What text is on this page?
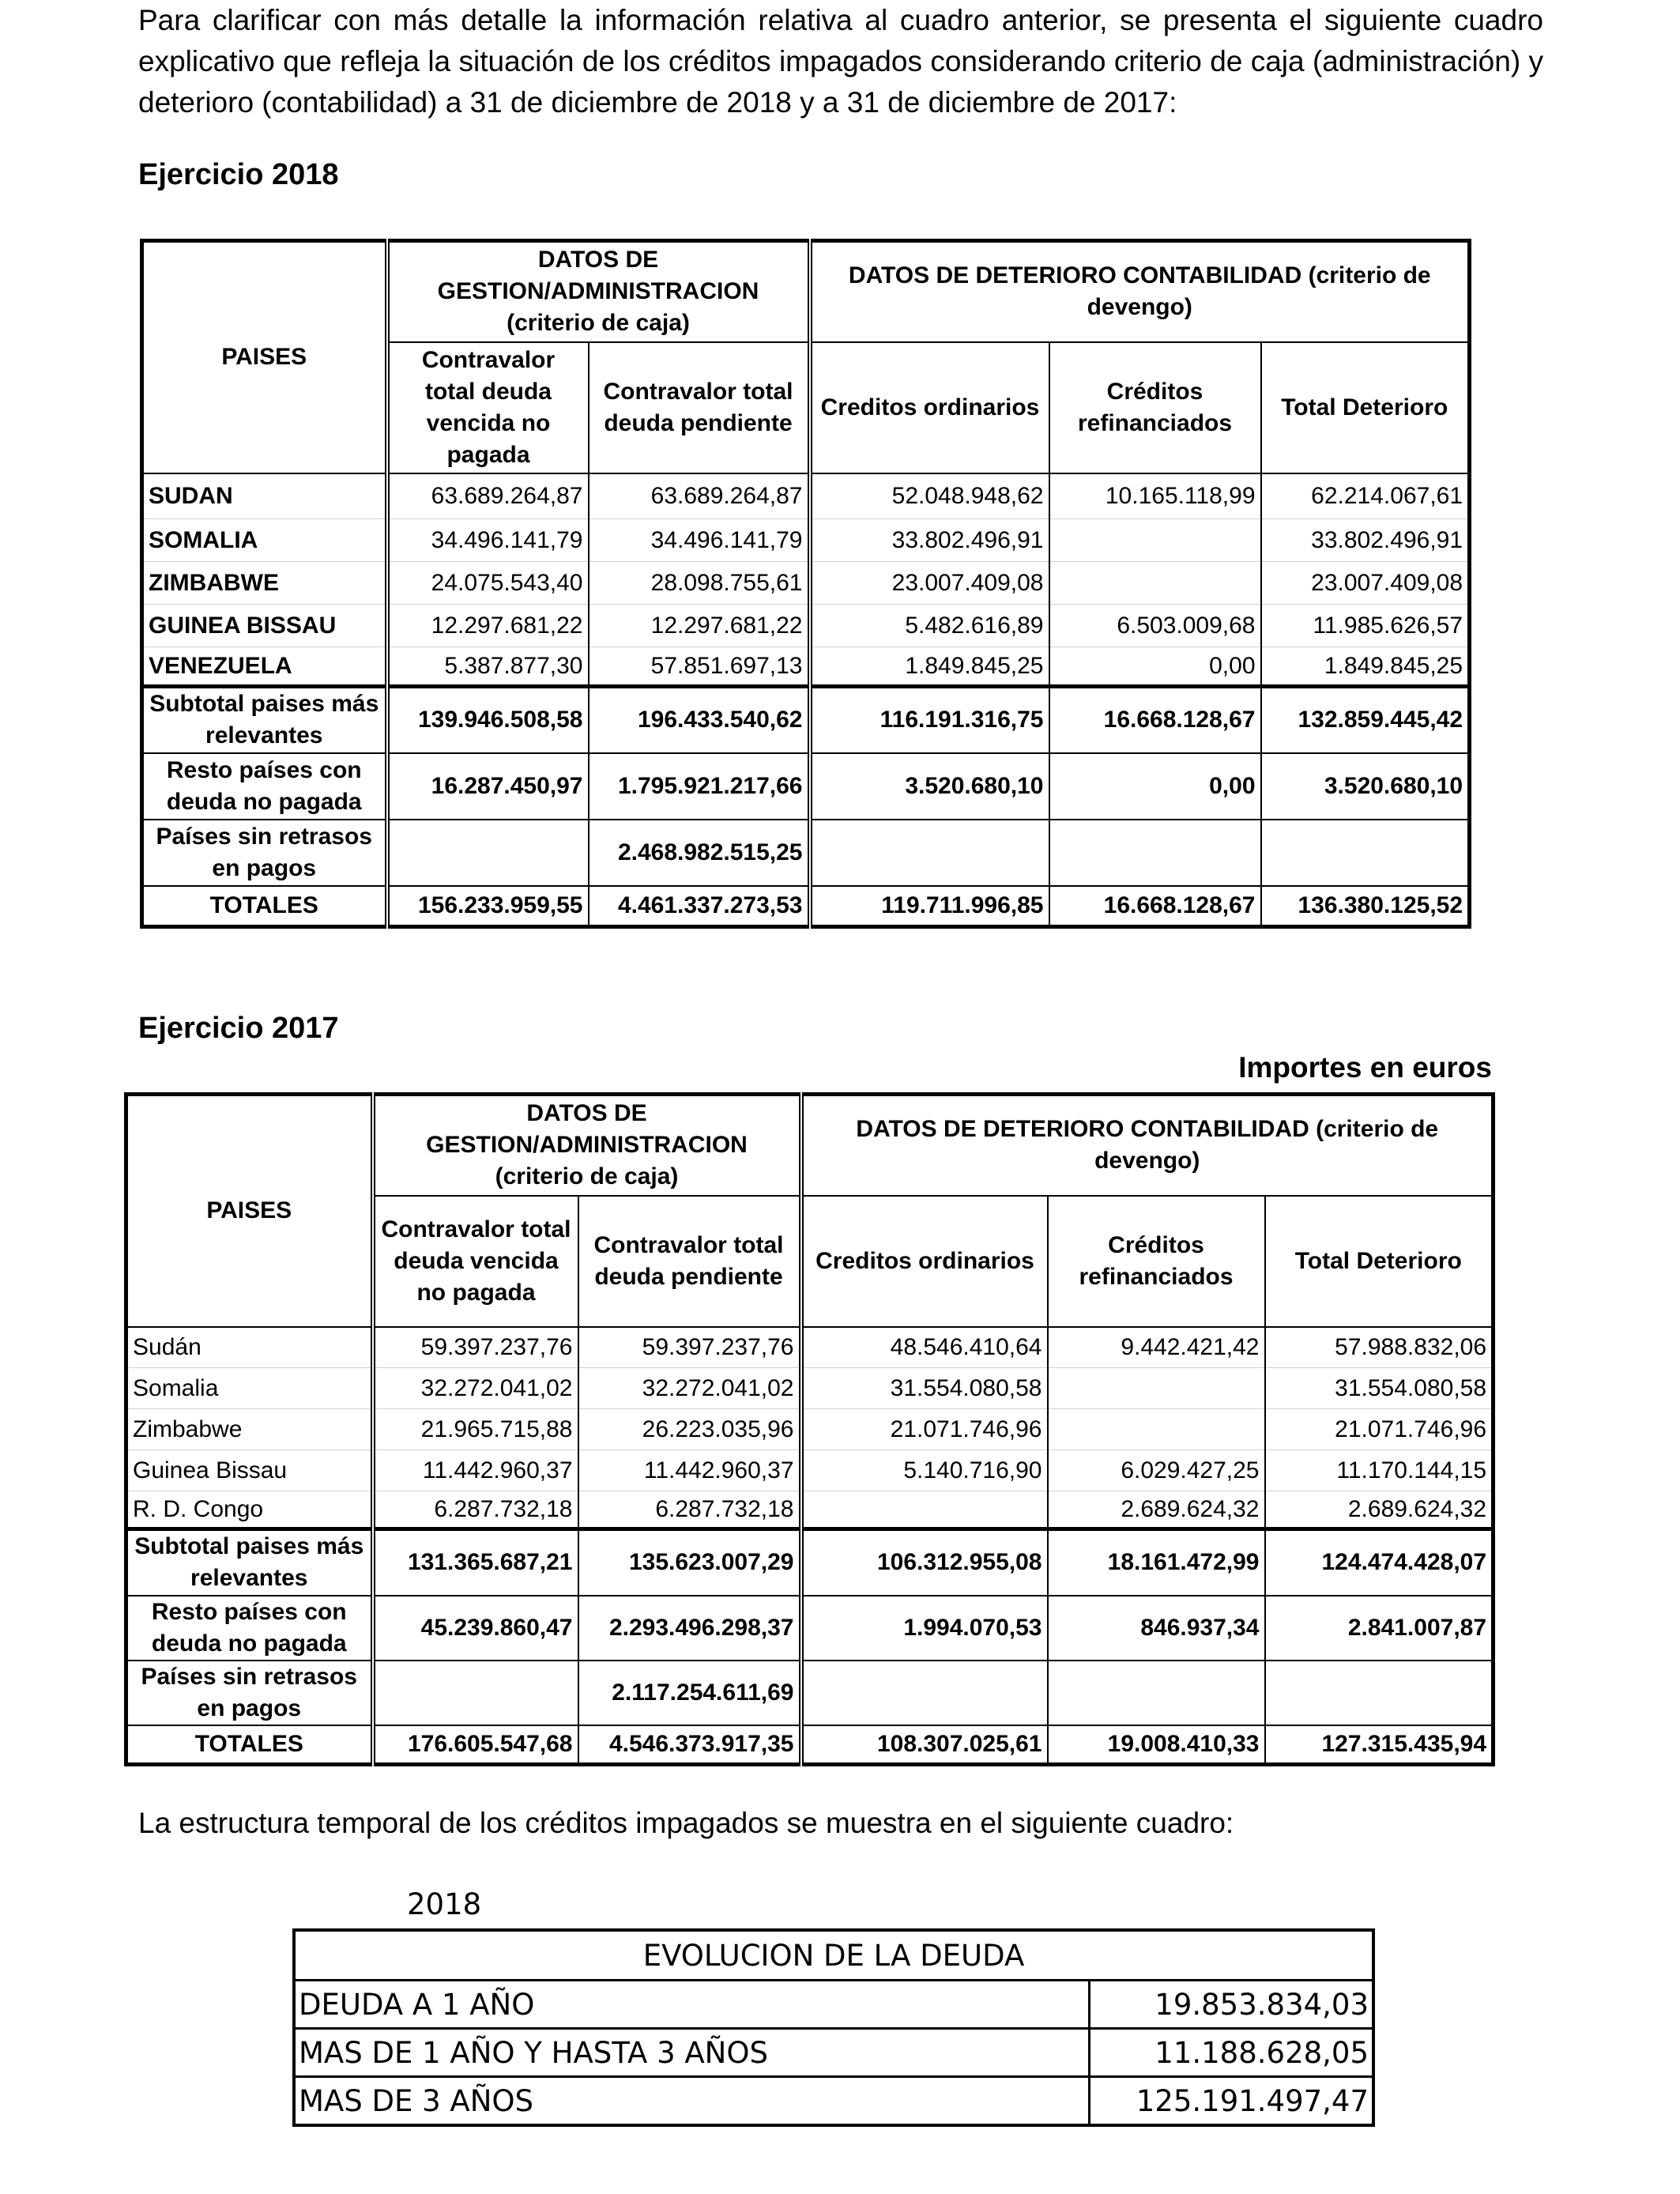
Para clarificar con más detalle la información relativa al cuadro anterior, se presenta el siguiente cuadro explicativo que refleja la situación de los créditos impagados considerando criterio de caja (administración) y deterioro (contabilidad) a 31 de diciembre de 2018 y a 31 de diciembre de 2017:

Ejercicio 2018
PAISES	DATOS DE GESTION/ADMINISTRACION (criterio de caja)		DATOS DE DETERIORO CONTABILIDAD (criterio de devengo)		
	Contravalor total deuda vencida no pagada	Contravalor total deuda pendiente	Creditos ordinarios	Créditos refinanciados	Total Deterioro
SUDAN	63.689.264,87	63.689.264,87	52.048.948,62	10.165.118,99	62.214.067,61
SOMALIA	34.496.141,79	34.496.141,79	33.802.496,91		33.802.496,91
ZIMBABWE	24.075.543,40	28.098.755,61	23.007.409,08		23.007.409,08
GUINEA BISSAU	12.297.681,22	12.297.681,22	5.482.616,89	6.503.009,68	11.985.626,57
VENEZUELA	5.387.877,30	57.851.697,13	1.849.845,25	0,00	1.849.845,25
Subtotal paises más relevantes	139.946.508,58	196.433.540,62	116.191.316,75	16.668.128,67	132.859.445,42
Resto países con deuda no pagada	16.287.450,97	1.795.921.217,66	3.520.680,10	0,00	3.520.680,10
Países sin retrasos en pagos		2.468.982.515,25			
TOTALES	156.233.959,55	4.461.337.273,53	119.711.996,85	16.668.128,67	136.380.125,52
Ejercicio 2017
Importes en euros
PAISES	DATOS DE GESTION/ADMINISTRACION (criterio de caja)		DATOS DE DETERIORO CONTABILIDAD (criterio de devengo)		
	Contravalor total deuda vencida no pagada	Contravalor total deuda pendiente	Creditos ordinarios	Créditos refinanciados	Total Deterioro
Sudán	59.397.237,76	59.397.237,76	48.546.410,64	9.442.421,42	57.988.832,06
Somalia	32.272.041,02	32.272.041,02	31.554.080,58		31.554.080,58
Zimbabwe	21.965.715,88	26.223.035,96	21.071.746,96		21.071.746,96
Guinea Bissau	11.442.960,37	11.442.960,37	5.140.716,90	6.029.427,25	11.170.144,15
R. D. Congo	6.287.732,18	6.287.732,18		2.689.624,32	2.689.624,32
Subtotal paises más relevantes	131.365.687,21	135.623.007,29	106.312.955,08	18.161.472,99	124.474.428,07
Resto países con deuda no pagada	45.239.860,47	2.293.496.298,37	1.994.070,53	846.937,34	2.841.007,87
Países sin retrasos en pagos		2.117.254.611,69			
TOTALES	176.605.547,68	4.546.373.917,35	108.307.025,61	19.008.410,33	127.315.435,94

La estructura temporal de los créditos impagados se muestra en el siguiente cuadro:

2018
EVOLUCION DE LA DEUDA	
DEUDA A 1 AÑO	19.853.834,03
MAS DE 1 AÑO Y HASTA 3 AÑOS	11.188.628,05
MAS DE 3 AÑOS	125.191.497,47
